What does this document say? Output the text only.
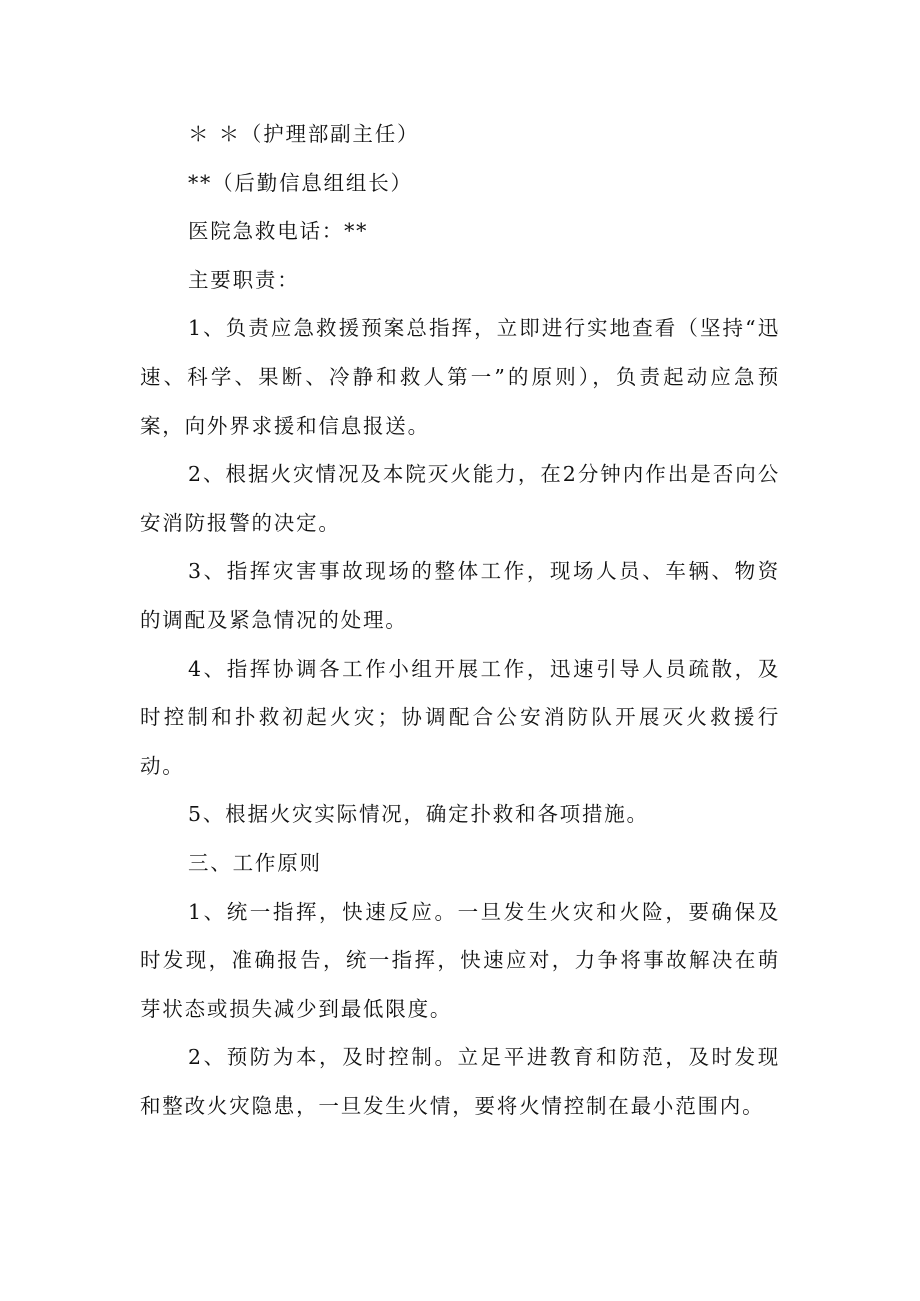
＊ ＊（护理部副主任）

**（后勤信息组组长）

医院急救电话：**

主要职责：

1、负责应急救援预案总指挥，立即进行实地查看（坚持“迅速、科学、果断、冷静和救人第一”的原则），负责起动应急预案，向外界求援和信息报送。

2、根据火灾情况及本院灭火能力，在2分钟内作出是否向公安消防报警的决定。

3、指挥灾害事故现场的整体工作，现场人员、车辆、物资的调配及紧急情况的处理。

4、指挥协调各工作小组开展工作，迅速引导人员疏散，及时控制和扑救初起火灾；协调配合公安消防队开展灭火救援行动。

5、根据火灾实际情况，确定扑救和各项措施。

三、工作原则

1、统一指挥，快速反应。一旦发生火灾和火险，要确保及时发现，准确报告，统一指挥，快速应对，力争将事故解决在萌芽状态或损失减少到最低限度。

2、预防为本，及时控制。立足平进教育和防范，及时发现和整改火灾隐患，一旦发生火情，要将火情控制在最小范围内。
